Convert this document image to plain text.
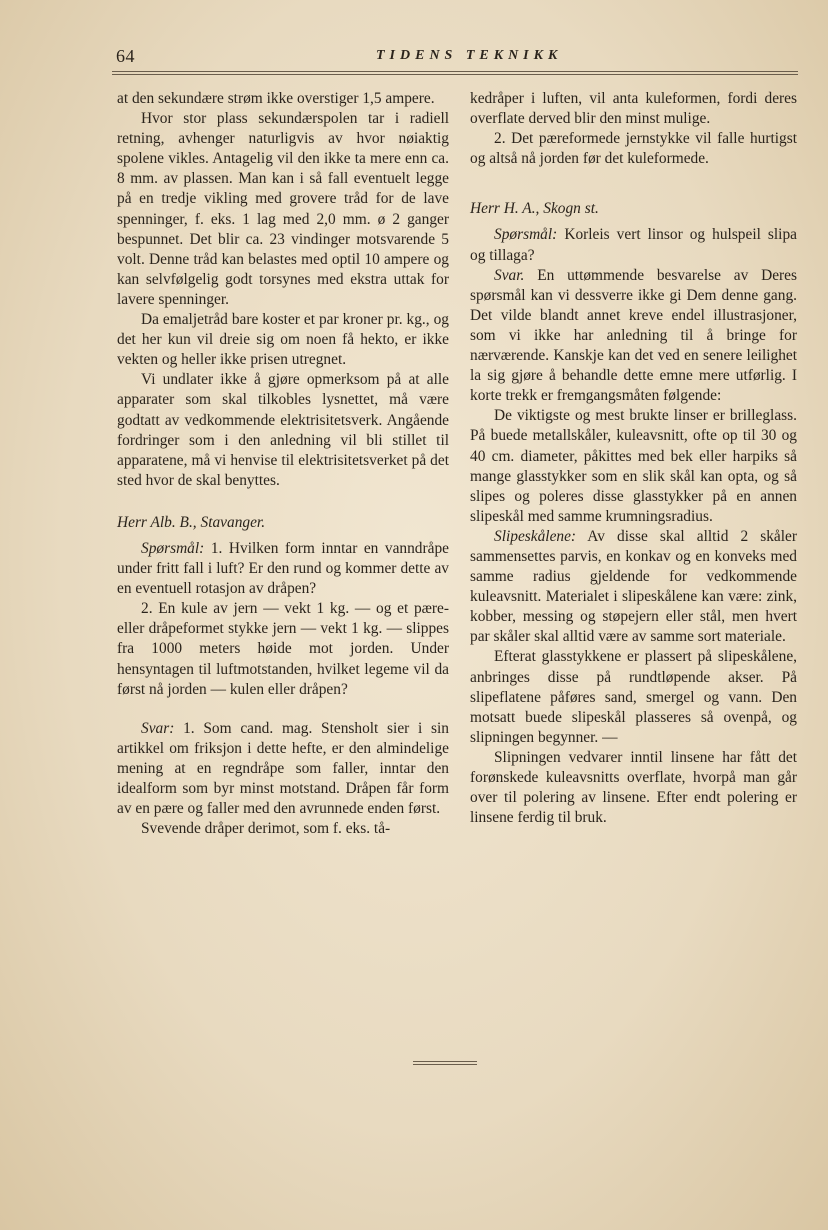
64	TIDENS TEKNIKK

at den sekundære strøm ikke overstiger 1,5 ampere.

Hvor stor plass sekundærspolen tar i radiell retning, avhenger naturligvis av hvor nøiaktig spolene vikles. Antagelig vil den ikke ta mere enn ca. 8 mm. av plassen. Man kan i så fall eventuelt legge på en tredje vikling med grovere tråd for de lave spenninger, f. eks. 1 lag med 2,0 mm. ø 2 ganger bespunnet. Det blir ca. 23 vindinger motsvarende 5 volt. Denne tråd kan belastes med optil 10 ampere og kan selvfølgelig godt torsynes med ekstra uttak for lavere spenninger.

Da emaljetråd bare koster et par kroner pr. kg., og det her kun vil dreie sig om noen få hekto, er ikke vekten og heller ikke prisen utregnet.

Vi undlater ikke å gjøre opmerksom på at alle apparater som skal tilkobles lysnettet, må være godtatt av vedkommende elektrisitetsverk. Angående fordringer som i den anledning vil bli stillet til apparatene, må vi henvise til elektrisitetsverket på det sted hvor de skal benyttes.

Herr Alb. B., Stavanger.

Spørsmål: 1. Hvilken form inntar en vanndråpe under fritt fall i luft? Er den rund og kommer dette av en eventuell rotasjon av dråpen?

2. En kule av jern — vekt 1 kg. — og et pære- eller dråpeformet stykke jern — vekt 1 kg. — slippes fra 1000 meters høide mot jorden. Under hensyntagen til luftmotstanden, hvilket legeme vil da først nå jorden — kulen eller dråpen?

Svar: 1. Som cand. mag. Stensholt sier i sin artikkel om friksjon i dette hefte, er den almindelige mening at en regndråpe som faller, inntar den idealform som byr minst motstand. Dråpen får form av en pære og faller med den avrunnede enden først.

Svevende dråper derimot, som f. eks. tå-

kedråper i luften, vil anta kuleformen, fordi deres overflate derved blir den minst mulige.

2. Det pæreformede jernstykke vil falle hurtigst og altså nå jorden før det kuleformede.

Herr H. A., Skogn st.

Spørsmål: Korleis vert linsor og hulspeil slipa og tillaga?

Svar. En uttømmende besvarelse av Deres spørsmål kan vi dessverre ikke gi Dem denne gang. Det vilde blandt annet kreve endel illustrasjoner, som vi ikke har anledning til å bringe for nærværende. Kanskje kan det ved en senere leilighet la sig gjøre å behandle dette emne mere utførlig. I korte trekk er fremgangsmåten følgende:

De viktigste og mest brukte linser er brilleglass. På buede metallskåler, kuleavsnitt, ofte op til 30 og 40 cm. diameter, påkittes med bek eller harpiks så mange glasstykker som en slik skål kan opta, og så slipes og poleres disse glasstykker på en annen slipeskål med samme krumningsradius.

Slipeskålene: Av disse skal alltid 2 skåler sammensettes parvis, en konkav og en konveks med samme radius gjeldende for vedkommende kuleavsnitt. Materialet i slipeskålene kan være: zink, kobber, messing og støpejern eller stål, men hvert par skåler skal alltid være av samme sort materiale.

Efterat glasstykkene er plassert på slipeskålene, anbringes disse på rundtløpende akser. På slipeflatene påføres sand, smergel og vann. Den motsatt buede slipeskål plasseres så ovenpå, og slipningen begynner. —

Slipningen vedvarer inntil linsene har fått det forønskede kuleavsnitts overflate, hvorpå man går over til polering av linsene. Efter endt polering er linsene ferdig til bruk.
